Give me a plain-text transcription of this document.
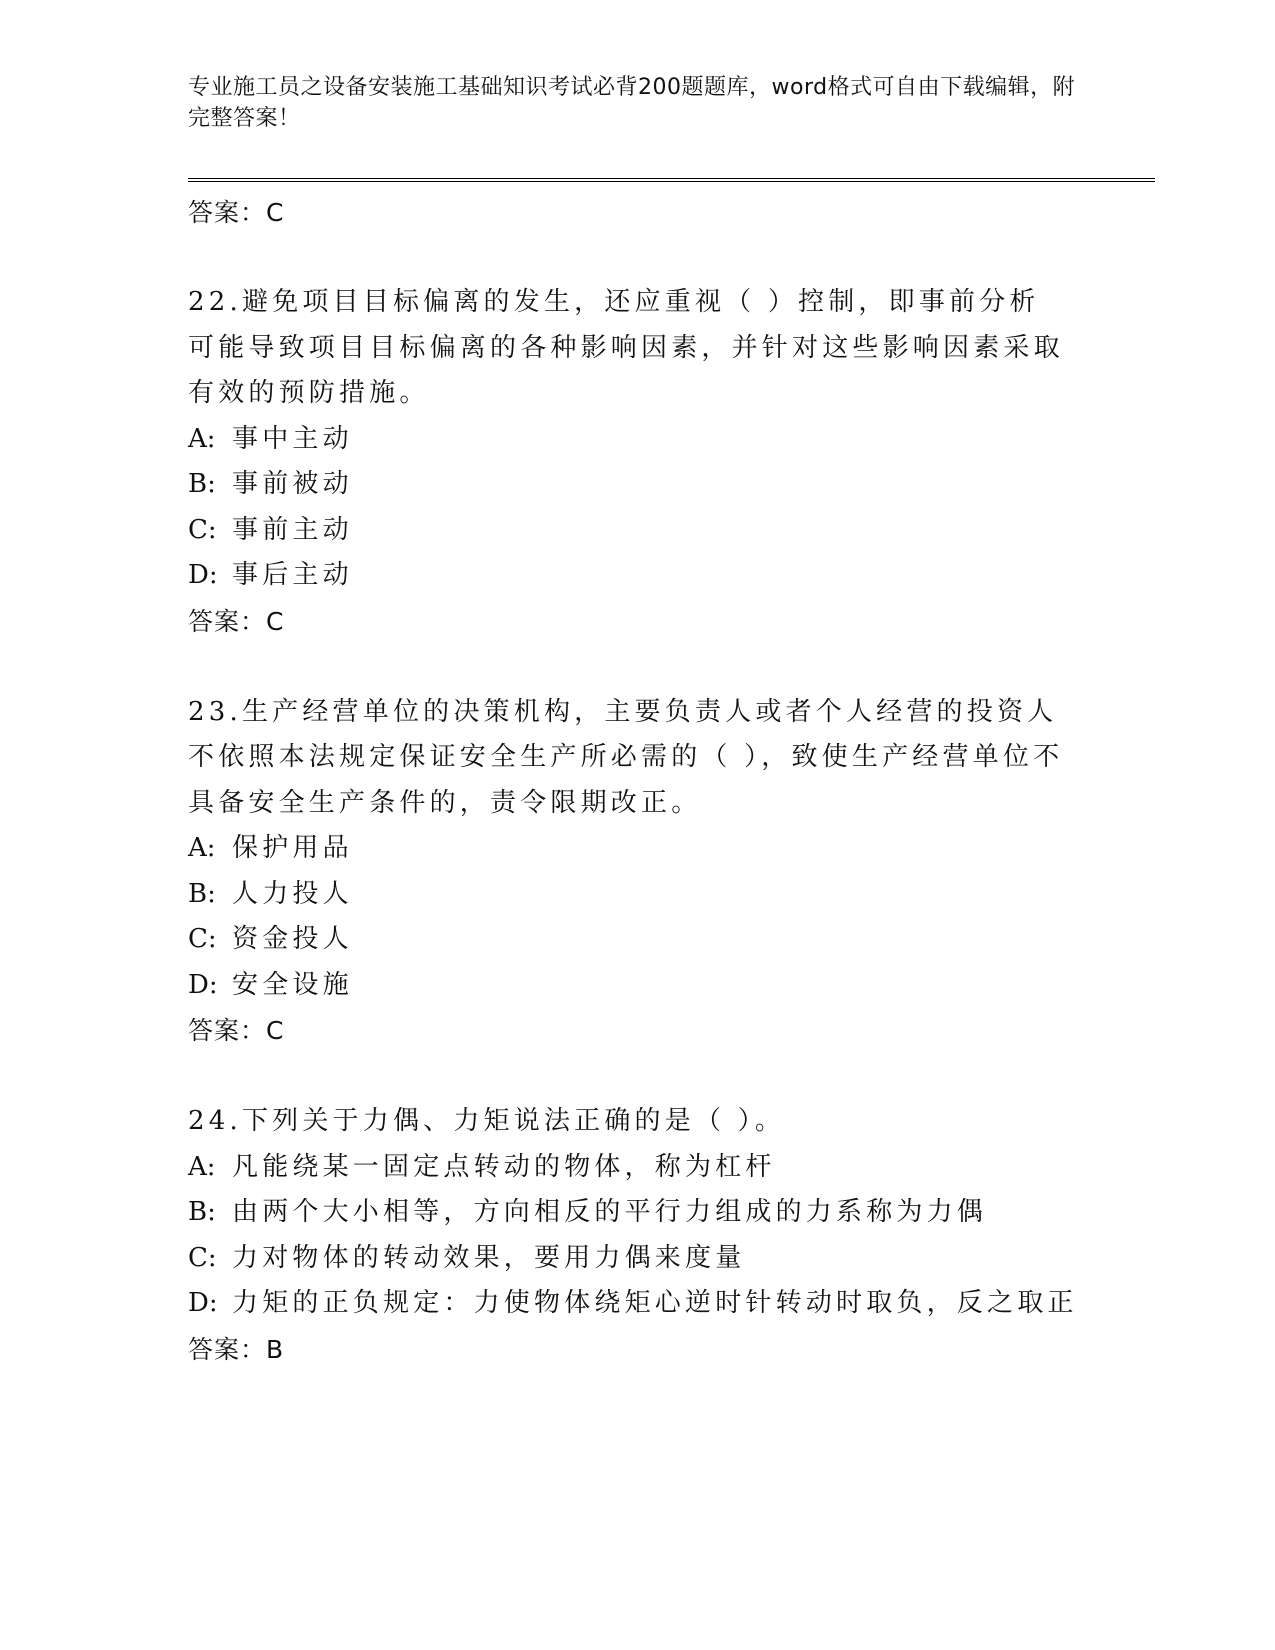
专业施工员之设备安装施工基础知识考试必背200题题库，word格式可自由下载编辑，附完整答案！
答案：C
22.避免项目目标偏离的发生，还应重视（ ）控制，即事前分析可能导致项目目标偏离的各种影响因素，并针对这些影响因素采取有效的预防措施。
A: 事中主动
B: 事前被动
C: 事前主动
D: 事后主动
答案：C
23.生产经营单位的决策机构，主要负责人或者个人经营的投资人不依照本法规定保证安全生产所必需的（ ），致使生产经营单位不具备安全生产条件的，责令限期改正。
A: 保护用品
B: 人力投人
C: 资金投人
D: 安全设施
答案：C
24.下列关于力偶、力矩说法正确的是（ ）。
A: 凡能绕某一固定点转动的物体，称为杠杆
B: 由两个大小相等，方向相反的平行力组成的力系称为力偶
C: 力对物体的转动效果，要用力偶来度量
D: 力矩的正负规定：力使物体绕矩心逆时针转动时取负，反之取正
答案：B
